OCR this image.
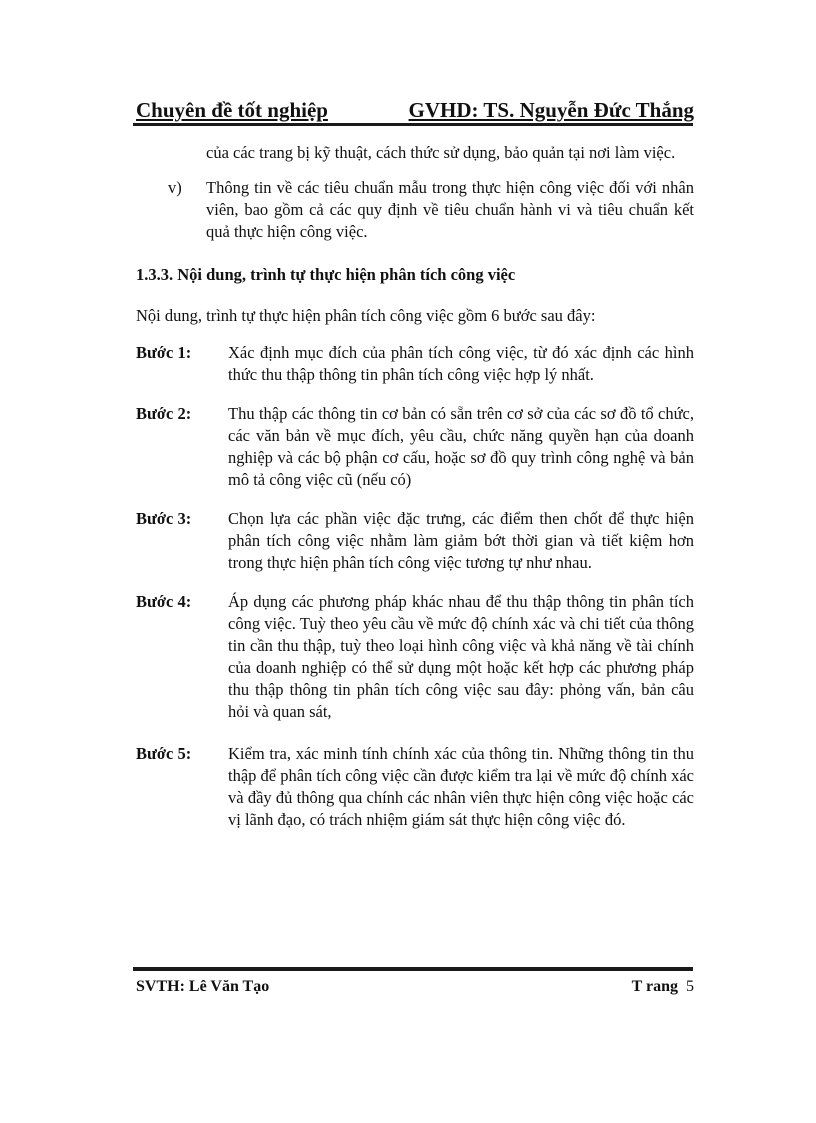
Chuyên đề tốt nghiệp	GVHD: TS. Nguyễn Đức Thắng

của các trang bị kỹ thuật, cách thức sử dụng, bảo quản tại nơi làm việc.

v)	Thông tin về các tiêu chuẩn mẫu trong thực hiện công việc đối với nhân viên, bao gồm cả các quy định về tiêu chuẩn hành vi và tiêu chuẩn kết quả thực hiện công việc.

1.3.3. Nội dung, trình tự thực hiện phân tích công việc

Nội dung, trình tự thực hiện phân tích công việc gồm 6 bước sau đây:

Bước 1:	Xác định mục đích của phân tích công việc, từ đó xác định các hình thức thu thập thông tin phân tích công việc hợp lý nhất.
Bước 2:	Thu thập các thông tin cơ bản có sẵn trên cơ sở của các sơ đồ tổ chức, các văn bản về mục đích, yêu cầu, chức năng quyền hạn của doanh nghiệp và các bộ phận cơ cấu, hoặc sơ đồ quy trình công nghệ và bản mô tả công việc cũ (nếu có)
Bước 3:	Chọn lựa các phần việc đặc trưng, các điểm then chốt để thực hiện phân tích công việc nhằm làm giảm bớt thời gian và tiết kiệm hơn trong thực hiện phân tích công việc tương tự như nhau.
Bước 4:	Áp dụng các phương pháp khác nhau để thu thập thông tin phân tích công việc. Tuỳ theo yêu cầu về mức độ chính xác và chi tiết của thông tin cần thu thập, tuỳ theo loại hình công việc và khả năng về tài chính của doanh nghiệp có thể sử dụng một hoặc kết hợp các phương pháp thu thập thông tin phân tích công việc sau đây: phỏng vấn, bản câu hỏi và quan sát,
Bước 5:	Kiểm tra, xác minh tính chính xác của thông tin. Những thông tin thu thập để phân tích công việc cần được kiểm tra lại về mức độ chính xác và đầy đủ thông qua chính các nhân viên thực hiện công việc hoặc các vị lãnh đạo, có trách nhiệm giám sát thực hiện công việc đó.
SVTH: Lê Văn Tạo	T rang 5
